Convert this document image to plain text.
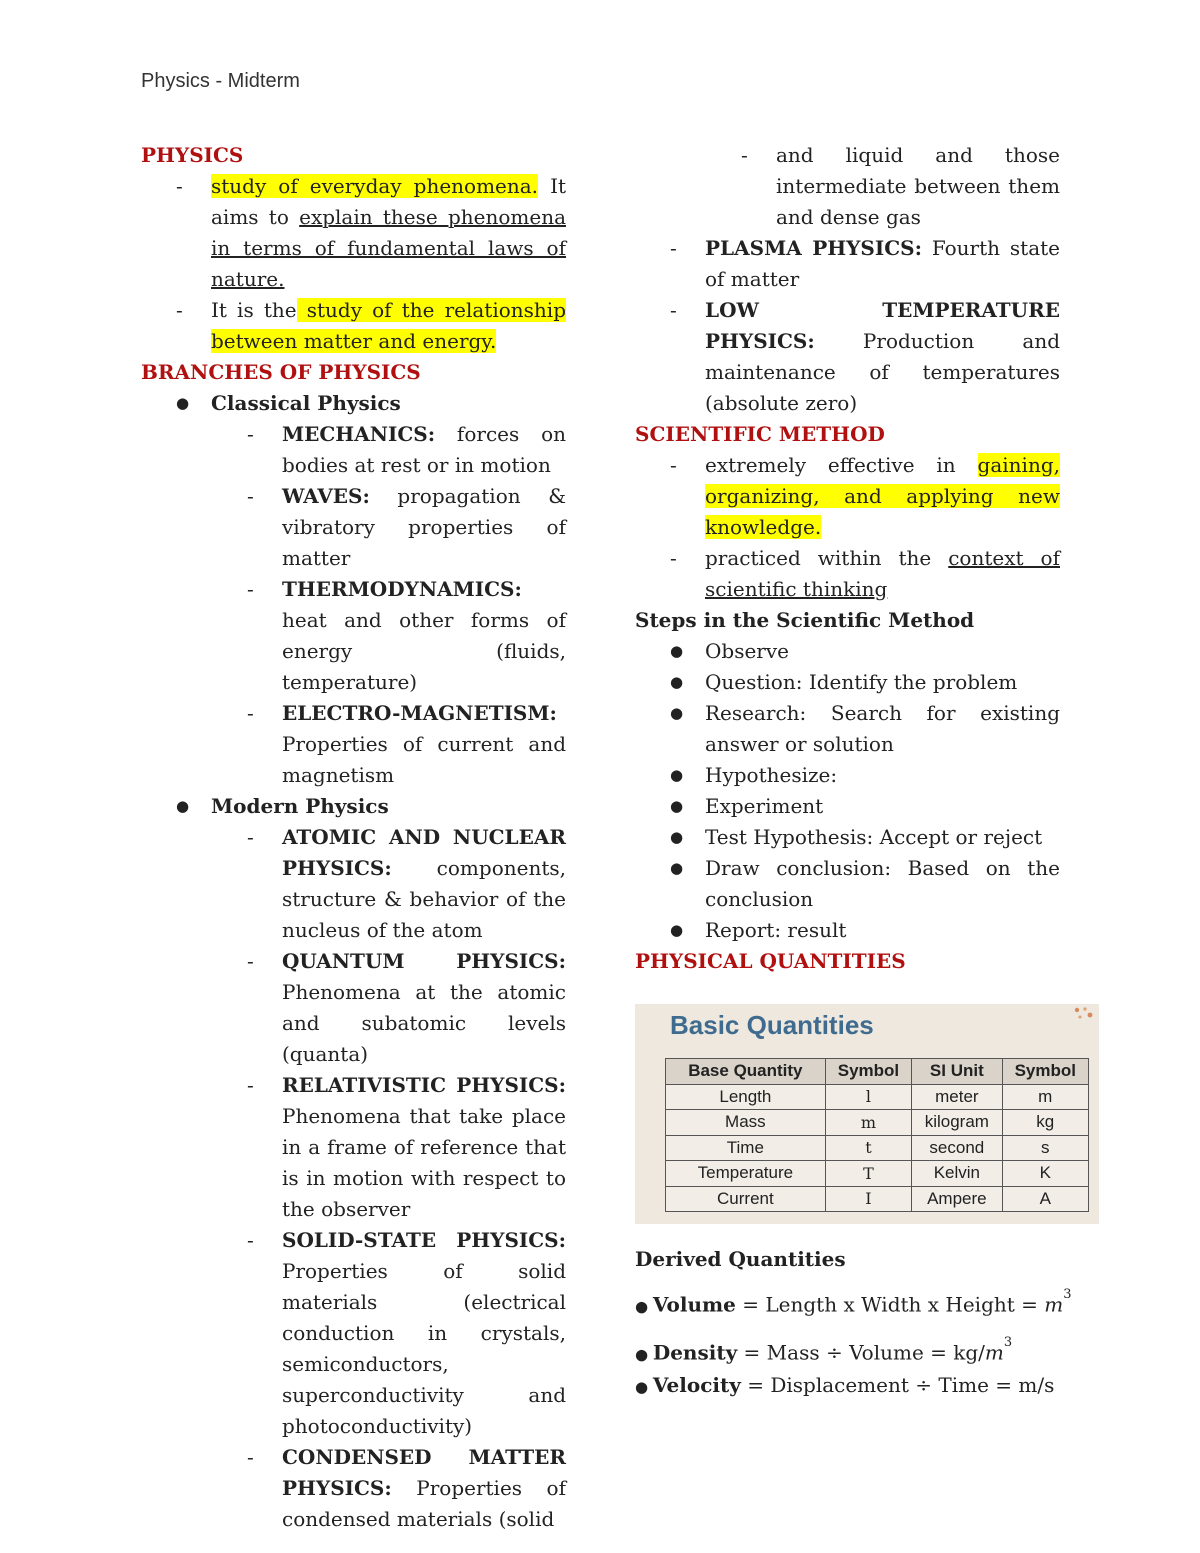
Physics - Midterm

PHYSICS

- study of everyday phenomena. It aims to explain these phenomena in terms of fundamental laws of nature.
- It is the study of the relationship between matter and energy.

BRANCHES OF PHYSICS

● Classical Physics
- MECHANICS: forces on bodies at rest or in motion
- WAVES: propagation & vibratory properties of matter
- THERMODYNAMICS: heat and other forms of energy (fluids, temperature)
- ELECTRO-MAGNETISM: Properties of current and magnetism
● Modern Physics
- ATOMIC AND NUCLEAR PHYSICS: components, structure & behavior of the nucleus of the atom
- QUANTUM PHYSICS: Phenomena at the atomic and subatomic levels (quanta)
- RELATIVISTIC PHYSICS: Phenomena that take place in a frame of reference that is in motion with respect to the observer
- SOLID-STATE PHYSICS: Properties of solid materials (electrical conduction in crystals, semiconductors, superconductivity and photoconductivity)
- CONDENSED MATTER PHYSICS: Properties of condensed materials (solid
- and liquid and those intermediate between them and dense gas
- PLASMA PHYSICS: Fourth state of matter
- LOW TEMPERATURE PHYSICS: Production and maintenance of temperatures (absolute zero)

SCIENTIFIC METHOD

- extremely effective in gaining, organizing, and applying new knowledge.
- practiced within the context of scientific thinking

Steps in the Scientific Method

● Observe
● Question: Identify the problem
● Research: Search for existing answer or solution
● Hypothesize:
● Experiment
● Test Hypothesis: Accept or reject
● Draw conclusion: Based on the conclusion
● Report: result

PHYSICAL QUANTITIES

Basic Quantities
Base Quantity	Symbol	SI Unit	Symbol
Length	l	meter	m
Mass	m	kilogram	kg
Time	t	second	s
Temperature	T	Kelvin	K
Current	I	Ampere	A

Derived Quantities

● Volume = Length x Width x Height = $m^3$
● Density = Mass ÷ Volume = $kg/m^3$
● Velocity = Displacement ÷ Time = m/s
